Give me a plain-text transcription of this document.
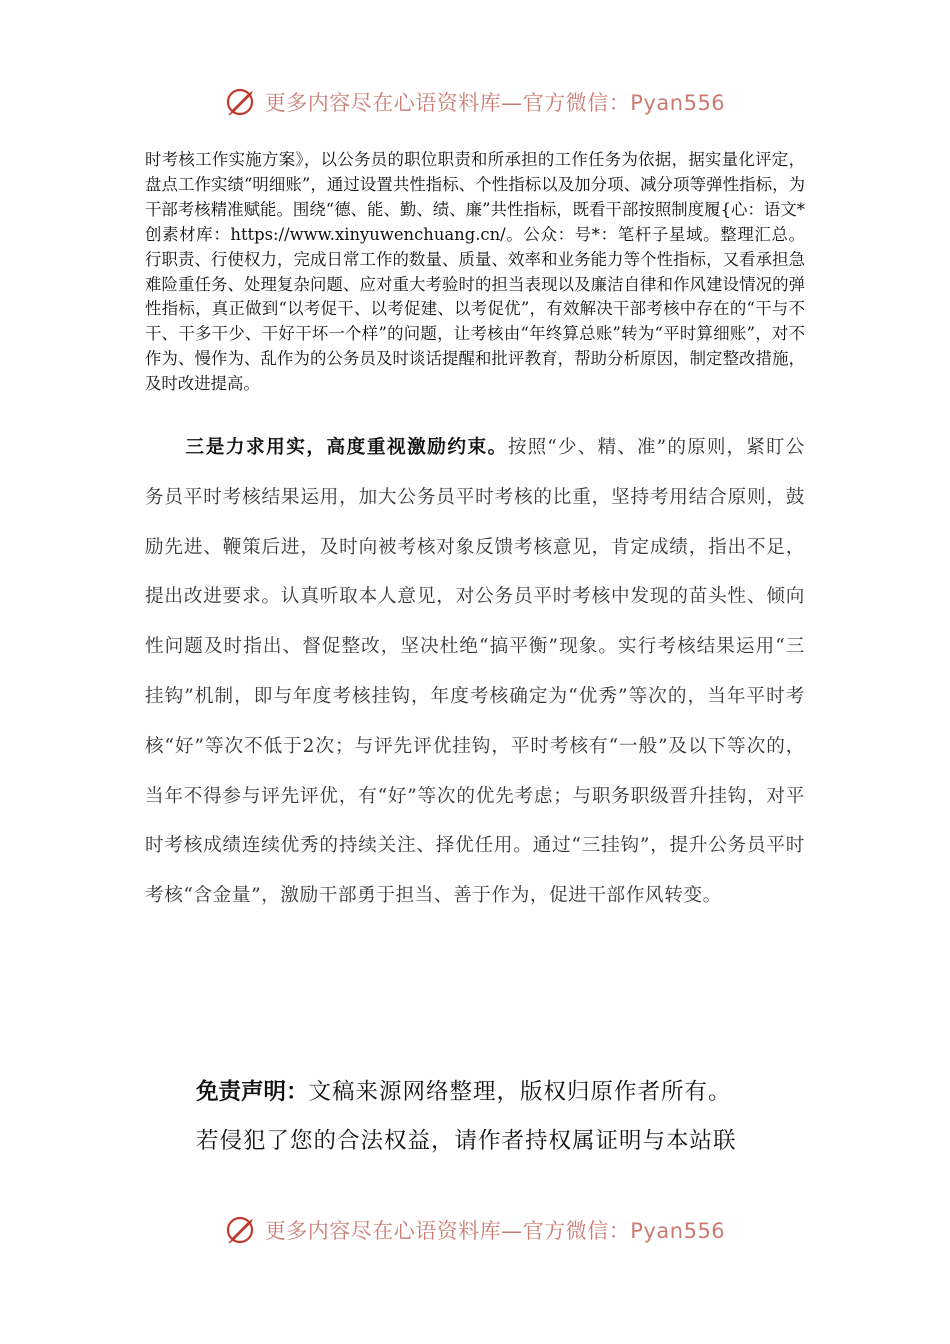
更多内容尽在心语资料库—官方微信：Pyan556
时考核工作实施方案》，以公务员的职位职责和所承担的工作任务为依据，据实量化评定，盘点工作实绩“明细账”，通过设置共性指标、个性指标以及加分项、减分项等弹性指标，为干部考核精准赋能。围绕“德、能、勤、绩、廉”共性指标，既看干部按照制度履{心：语文*创素材库：https://www.xinyuwenchuang.cn/。公众：号*：笔杆子星域。整理汇总。行职责、行使权力，完成日常工作的数量、质量、效率和业务能力等个性指标，又看承担急难险重任务、处理复杂问题、应对重大考验时的担当表现以及廉洁自律和作风建设情况的弹性指标，真正做到“以考促干、以考促建、以考促优”，有效解决干部考核中存在的“干与不干、干多干少、干好干坏一个样”的问题，让考核由“年终算总账”转为“平时算细账”，对不作为、慢作为、乱作为的公务员及时谈话提醒和批评教育，帮助分析原因，制定整改措施，及时改进提高。
三是力求用实，高度重视激励约束。按照“少、精、准”的原则，紧盯公务员平时考核结果运用，加大公务员平时考核的比重，坚持考用结合原则，鼓励先进、鞭策后进，及时向被考核对象反馈考核意见，肯定成绩，指出不足，提出改进要求。认真听取本人意见，对公务员平时考核中发现的苗头性、倾向性问题及时指出、督促整改，坚决杜绝“搞平衡”现象。实行考核结果运用“三挂钩”机制，即与年度考核挂钩，年度考核确定为“优秀”等次的，当年平时考核“好”等次不低于2次；与评先评优挂钩，平时考核有“一般”及以下等次的，当年不得参与评先评优，有“好”等次的优先考虑；与职务职级晋升挂钩，对平时考核成绩连续优秀的持续关注、择优任用。通过“三挂钩”，提升公务员平时考核“含金量”，激励干部勇于担当、善于作为，促进干部作风转变。
免责声明：文稿来源网络整理，版权归原作者所有。
若侵犯了您的合法权益，请作者持权属证明与本站联
更多内容尽在心语资料库—官方微信：Pyan556
